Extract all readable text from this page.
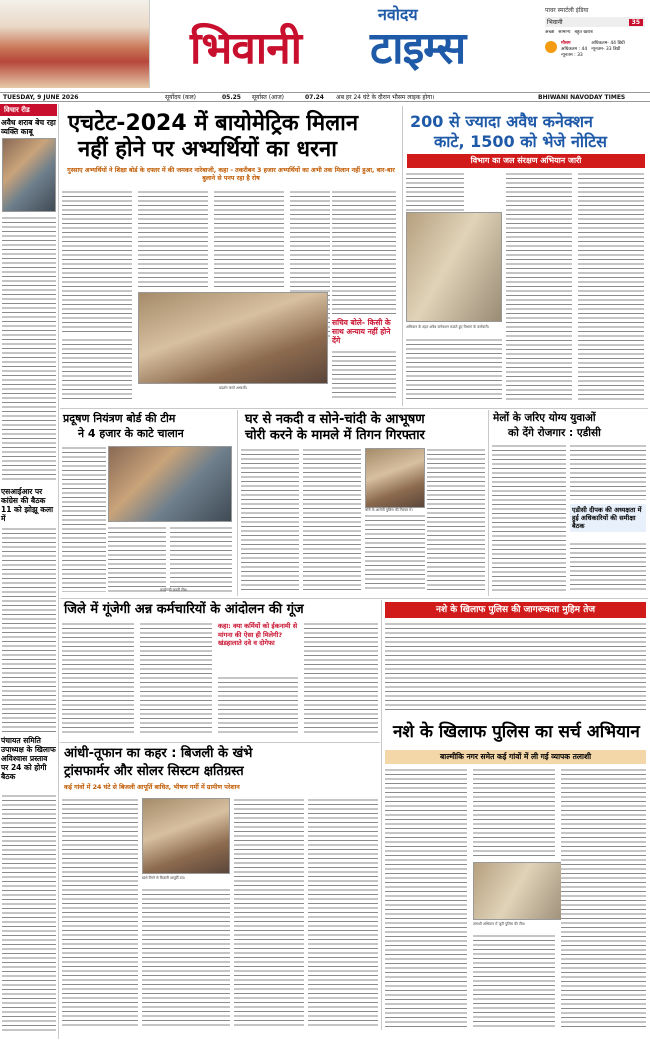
नवोदय
भिवानी टाइम्स
पावर स्मार्टली इंडिया
भिवानी	35
अच्छा सामान्य बहुत खराब
मौसम
अधिकतम : 44
न्यूनतम : 33
अधिकतम- 44 डिग्री
न्यूनतम- 33 डिग्री
TUESDAY, 9 JUNE 2026	सूर्योदय (कल)	05.25 सूर्यास्त (आज)	07.24 अब हर 24 घंटे के दौरान भौसम लाइक होगा।	BHIWANI NAVODAY TIMES
विचार रीड
अवैध शराब बेच रहा व्यक्ति काबू
एसआईआर पर कांग्रेस की बैठक 11 को झोझू कला में
पंचायत समिति उपाध्यक्ष के खिलाफ अविश्वास प्रस्ताव पर 24 को होगी बैठक
एचटेट-2024 में बायोमेट्रिक मिलान
नहीं होने पर अभ्यर्थियों का धरना
गुस्साए अभ्यर्थियों ने शिक्षा बोर्ड के दफ्तर में की जमकर नारेबाजी, कहा - तकरीबन 3 हजार अभ्यर्थियों का अभी तक मिलान नहीं हुआ, बार-बार बुलाने से पनप रहा है रोष
प्रदर्शन करते अभ्यर्थी।
सचिव बोले- किसी के साथ अन्याय नहीं होने देंगे
200 से ज्यादा अवैध कनेक्शन
काटे, 1500 को भेजे नोटिस
विभाग का जल संरक्षण अभियान जारी
अभियान के तहत अवैध कनेक्शन काटते हुए विभाग के कर्मचारी।
प्रदूषण नियंत्रण बोर्ड की टीम
ने 4 हजार के काटे चालान
कार्यवाही करती टीम।
घर से नकदी व सोने-चांदी के आभूषण
चोरी करने के मामले में तिगन गिरफ्तार
चोरी के आरोपी पुलिस की गिरफ्त में।
मेलों के जरिए योग्य युवाओं
को देंगे रोजगार : एडीसी
एडीसी दीपक की अध्यक्षता में हुई अधिकारियों की समीक्षा बैठक
जिले में गूंजेगी अन्न कर्मचारियों के आंदोलन की गूंज
कहा: क्या कर्मियों को ईकनामी से मांगना की ऐसा ही मिलेगी? खंडहालाते दवे व दोगेफा
नशे के खिलाफ पुलिस की जागरूकता मुहिम तेज
नशे के खिलाफ पुलिस का सर्च अभियान
बाल्मीकि नगर समेत कई गांवों में ली गई व्यापक तलाशी
तलाशी अभियान में जुटी पुलिस की टीम।
आंधी-तूफान का कहर : बिजली के खंभे
ट्रांसफार्मर और सोलर सिस्टम क्षतिग्रस्त
कई गांवों में 24 घंटे से बिजली आपूर्ति बाधित, भीषण गर्मी में ग्रामीण परेशान
खंभे गिरने से बिजली आपूर्ति ठप।
